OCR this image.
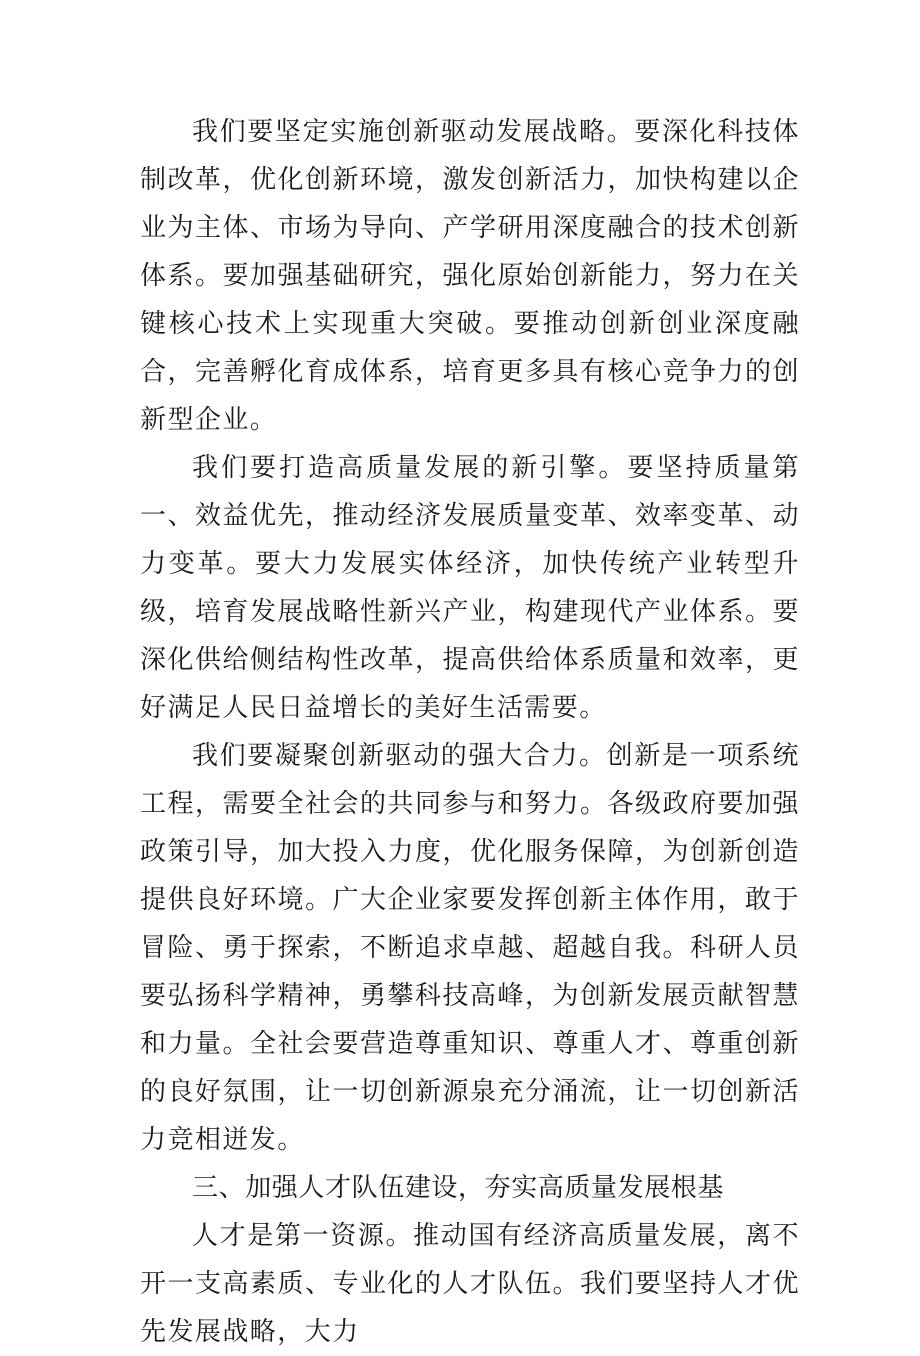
我们要坚定实施创新驱动发展战略。要深化科技体制改革，优化创新环境，激发创新活力，加快构建以企业为主体、市场为导向、产学研用深度融合的技术创新体系。要加强基础研究，强化原始创新能力，努力在关键核心技术上实现重大突破。要推动创新创业深度融合，完善孵化育成体系，培育更多具有核心竞争力的创新型企业。

我们要打造高质量发展的新引擎。要坚持质量第一、效益优先，推动经济发展质量变革、效率变革、动力变革。要大力发展实体经济，加快传统产业转型升级，培育发展战略性新兴产业，构建现代产业体系。要深化供给侧结构性改革，提高供给体系质量和效率，更好满足人民日益增长的美好生活需要。

我们要凝聚创新驱动的强大合力。创新是一项系统工程，需要全社会的共同参与和努力。各级政府要加强政策引导，加大投入力度，优化服务保障，为创新创造提供良好环境。广大企业家要发挥创新主体作用，敢于冒险、勇于探索，不断追求卓越、超越自我。科研人员要弘扬科学精神，勇攀科技高峰，为创新发展贡献智慧和力量。全社会要营造尊重知识、尊重人才、尊重创新的良好氛围，让一切创新源泉充分涌流，让一切创新活力竞相迸发。

三、加强人才队伍建设，夯实高质量发展根基

人才是第一资源。推动国有经济高质量发展，离不开一支高素质、专业化的人才队伍。我们要坚持人才优先发展战略，大力
